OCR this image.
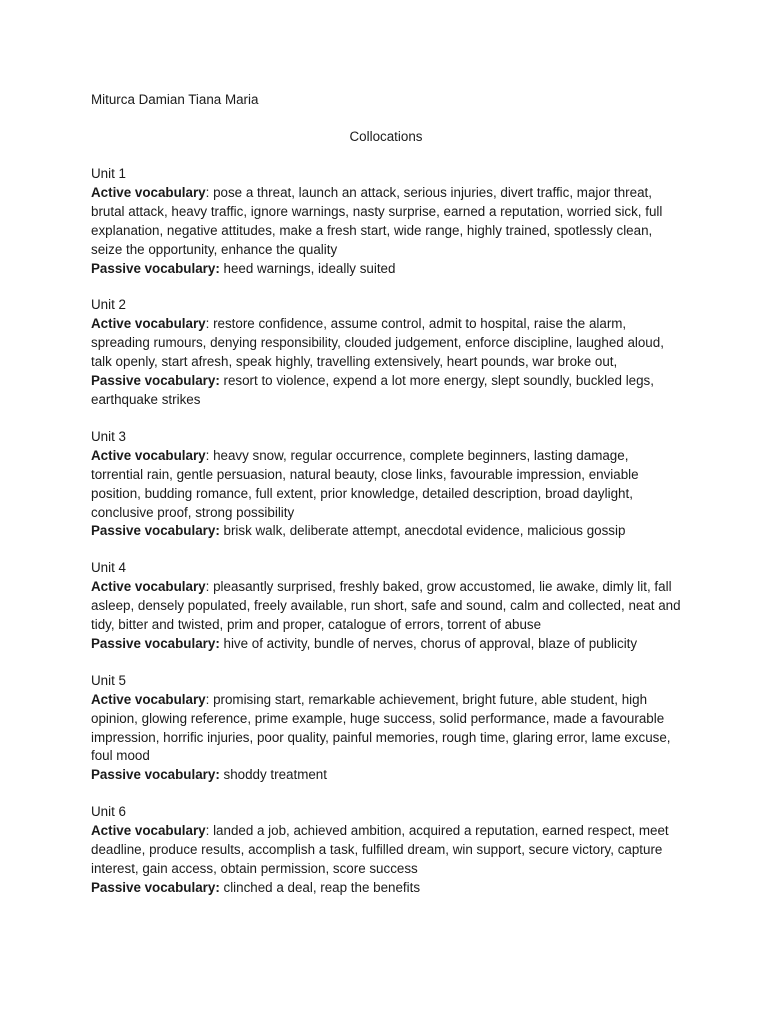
Miturca Damian Tiana Maria

Collocations

Unit 1

Active vocabulary: pose a threat, launch an attack, serious injuries, divert traffic, major threat, brutal attack, heavy traffic, ignore warnings, nasty surprise, earned a reputation, worried sick, full explanation, negative attitudes, make a fresh start, wide range, highly trained, spotlessly clean, seize the opportunity, enhance the quality

Passive vocabulary: heed warnings, ideally suited

Unit 2

Active vocabulary: restore confidence, assume control, admit to hospital, raise the alarm, spreading rumours, denying responsibility, clouded judgement, enforce discipline, laughed aloud, talk openly, start afresh, speak highly, travelling extensively, heart pounds, war broke out,

Passive vocabulary: resort to violence, expend a lot more energy, slept soundly, buckled legs, earthquake strikes

Unit 3

Active vocabulary: heavy snow, regular occurrence, complete beginners, lasting damage, torrential rain, gentle persuasion, natural beauty, close links, favourable impression, enviable position, budding romance, full extent, prior knowledge, detailed description, broad daylight, conclusive proof, strong possibility

Passive vocabulary: brisk walk, deliberate attempt, anecdotal evidence, malicious gossip

Unit 4

Active vocabulary: pleasantly surprised, freshly baked, grow accustomed, lie awake, dimly lit, fall asleep, densely populated, freely available, run short, safe and sound, calm and collected, neat and tidy, bitter and twisted, prim and proper, catalogue of errors, torrent of abuse

Passive vocabulary: hive of activity, bundle of nerves, chorus of approval, blaze of publicity

Unit 5

Active vocabulary: promising start, remarkable achievement, bright future, able student, high opinion, glowing reference, prime example, huge success, solid performance, made a favourable impression, horrific injuries, poor quality, painful memories, rough time, glaring error, lame excuse, foul mood

Passive vocabulary: shoddy treatment

Unit 6

Active vocabulary: landed a job, achieved ambition, acquired a reputation, earned respect, meet deadline, produce results, accomplish a task, fulfilled dream, win support, secure victory, capture interest, gain access, obtain permission, score success

Passive vocabulary: clinched a deal, reap the benefits
